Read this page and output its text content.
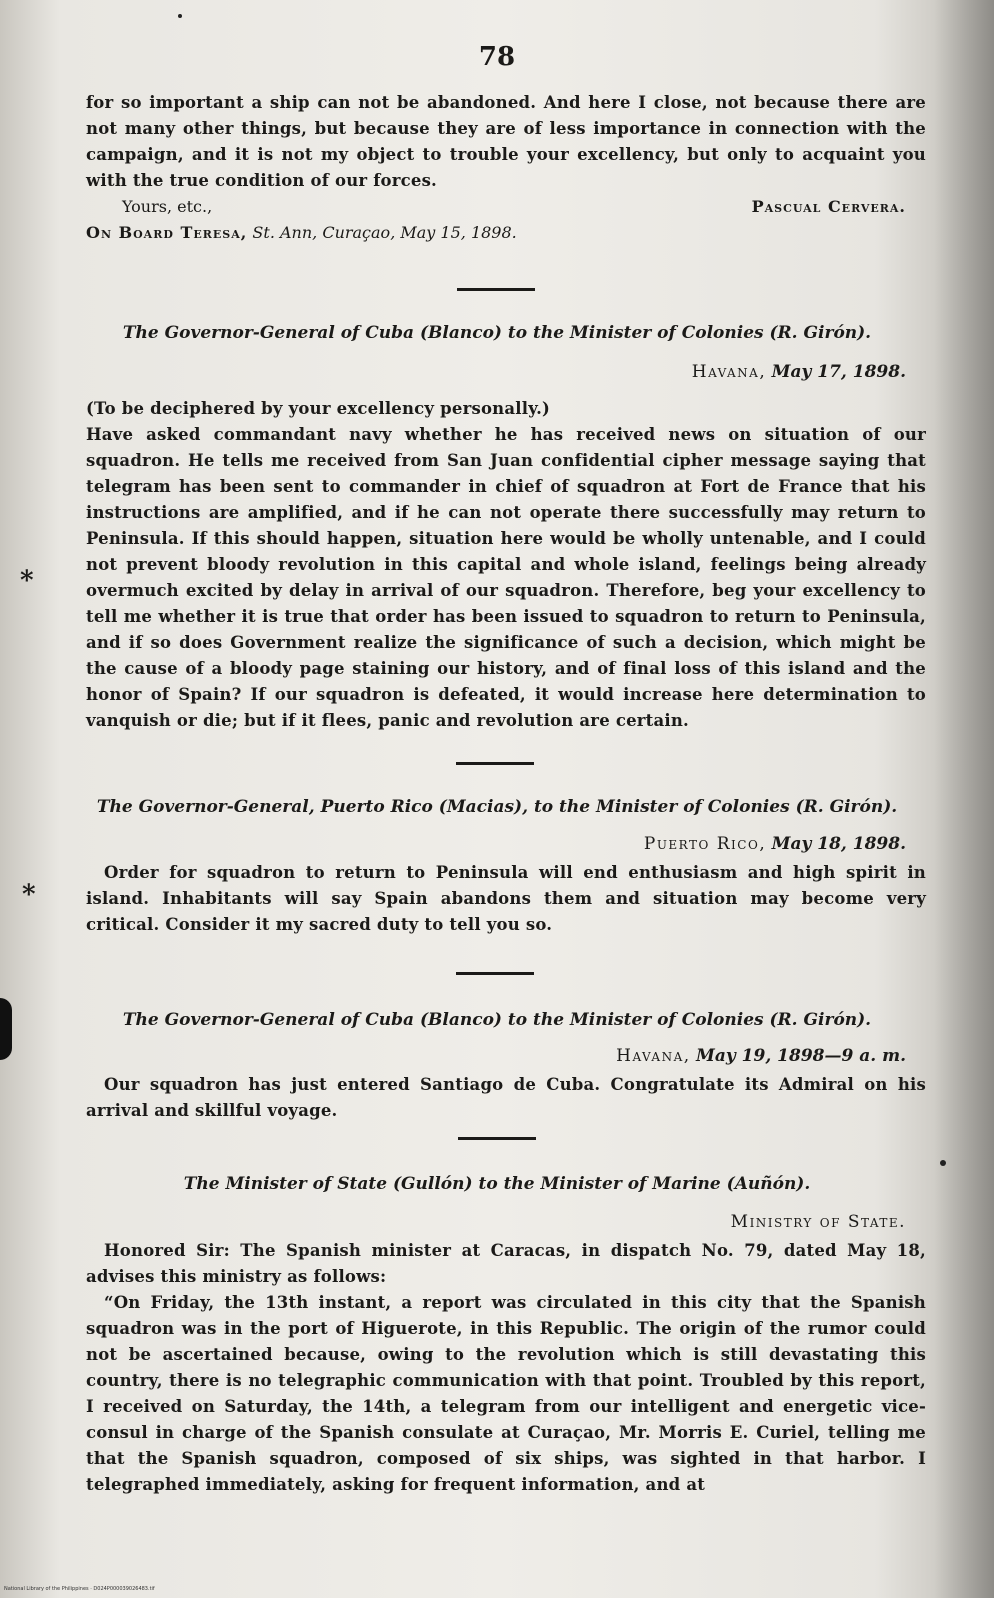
78

for so important a ship can not be abandoned. And here I close, not because there are not many other things, but because they are of less importance in connection with the campaign, and it is not my object to trouble your excellency, but only to acquaint you with the true condition of our forces.

Yours, etc.,	Pascual Cervera.

On Board Teresa, St. Ann, Curaçao, May 15, 1898.

The Governor-General of Cuba (Blanco) to the Minister of Colonies (R. Girón).
Havana, May 17, 1898.

(To be deciphered by your excellency personally.)

Have asked commandant navy whether he has received news on situation of our squadron. He tells me received from San Juan confidential cipher message saying that telegram has been sent to commander in chief of squadron at Fort de France that his instructions are amplified, and if he can not operate there successfully may return to Peninsula. If this should happen, situation here would be wholly untenable, and I could not prevent bloody revolution in this capital and whole island, feelings being already overmuch excited by delay in arrival of our squadron. Therefore, beg your excellency to tell me whether it is true that order has been issued to squadron to return to Peninsula, and if so does Government realize the significance of such a decision, which might be the cause of a bloody page staining our history, and of final loss of this island and the honor of Spain? If our squadron is defeated, it would increase here determination to vanquish or die; but if it flees, panic and revolution are certain.

*
The Governor-General, Puerto Rico (Macias), to the Minister of Colonies (R. Girón).
Puerto Rico, May 18, 1898.

Order for squadron to return to Peninsula will end enthusiasm and high spirit in island. Inhabitants will say Spain abandons them and situation may become very critical. Consider it my sacred duty to tell you so.

*
The Governor-General of Cuba (Blanco) to the Minister of Colonies (R. Girón).
Havana, May 19, 1898—9 a. m.

Our squadron has just entered Santiago de Cuba. Congratulate its Admiral on his arrival and skillful voyage.

The Minister of State (Gullón) to the Minister of Marine (Auñón).
Ministry of State.

Honored Sir: The Spanish minister at Caracas, in dispatch No. 79, dated May 18, advises this ministry as follows:

“On Friday, the 13th instant, a report was circulated in this city that the Spanish squadron was in the port of Higuerote, in this Republic. The origin of the rumor could not be ascertained because, owing to the revolution which is still devastating this country, there is no telegraphic communication with that point. Troubled by this report, I received on Saturday, the 14th, a telegram from our intelligent and energetic vice-consul in charge of the Spanish consulate at Curaçao, Mr. Morris E. Curiel, telling me that the Spanish squadron, composed of six ships, was sighted in that harbor. I telegraphed immediately, asking for frequent information, and at

National Library of the Philippines · D024P000039026483.tif
